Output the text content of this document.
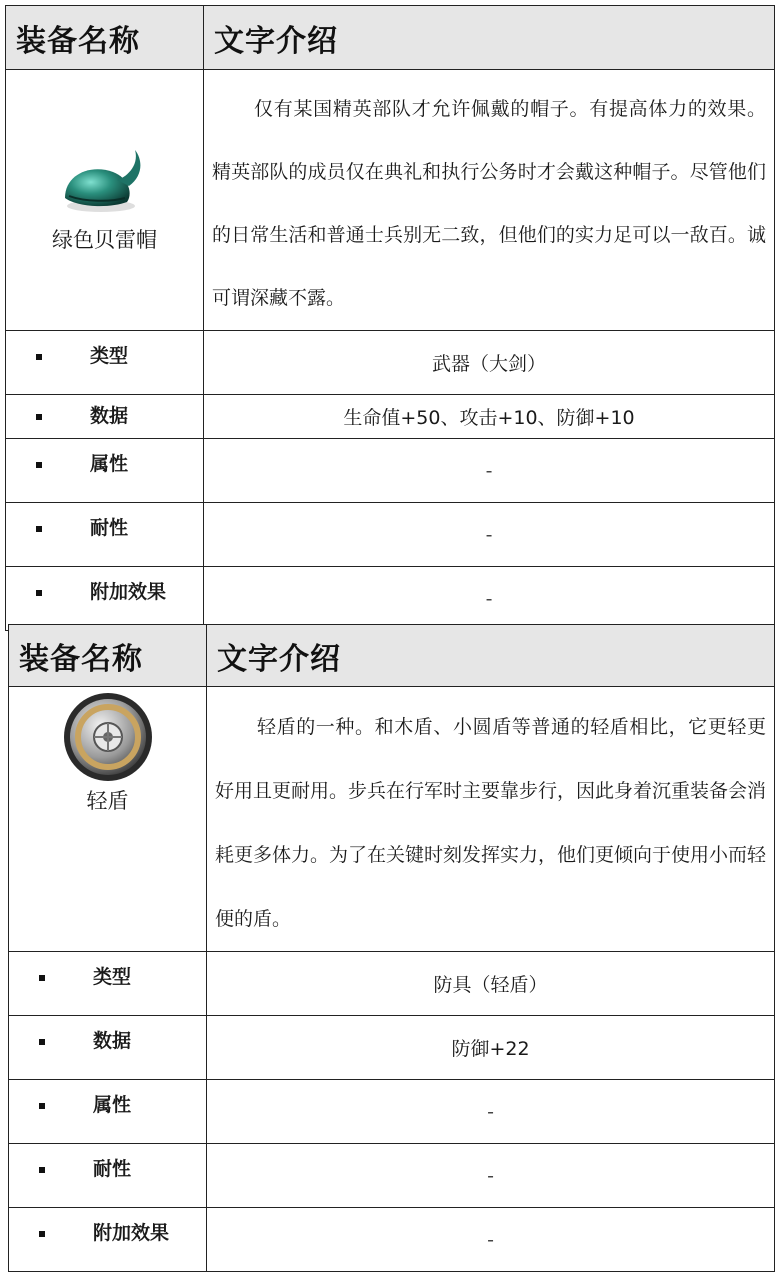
装备名称	文字介绍

绿色贝雷帽	仅有某国精英部队才允许佩戴的帽子。有提高体力的效果。精英部队的成员仅在典礼和执行公务时才会戴这种帽子。尽管他们的日常生活和普通士兵别无二致，但他们的实力足可以一敌百。诚可谓深藏不露。
类型	武器（大剑）
数据	生命值+50、攻击+10、防御+10
属性	-
耐性	-
附加效果	-
装备名称	文字介绍

轻盾	轻盾的一种。和木盾、小圆盾等普通的轻盾相比，它更轻更好用且更耐用。步兵在行军时主要靠步行，因此身着沉重装备会消耗更多体力。为了在关键时刻发挥实力，他们更倾向于使用小而轻便的盾。
类型	防具（轻盾）
数据	防御+22
属性	-
耐性	-
附加效果	-
